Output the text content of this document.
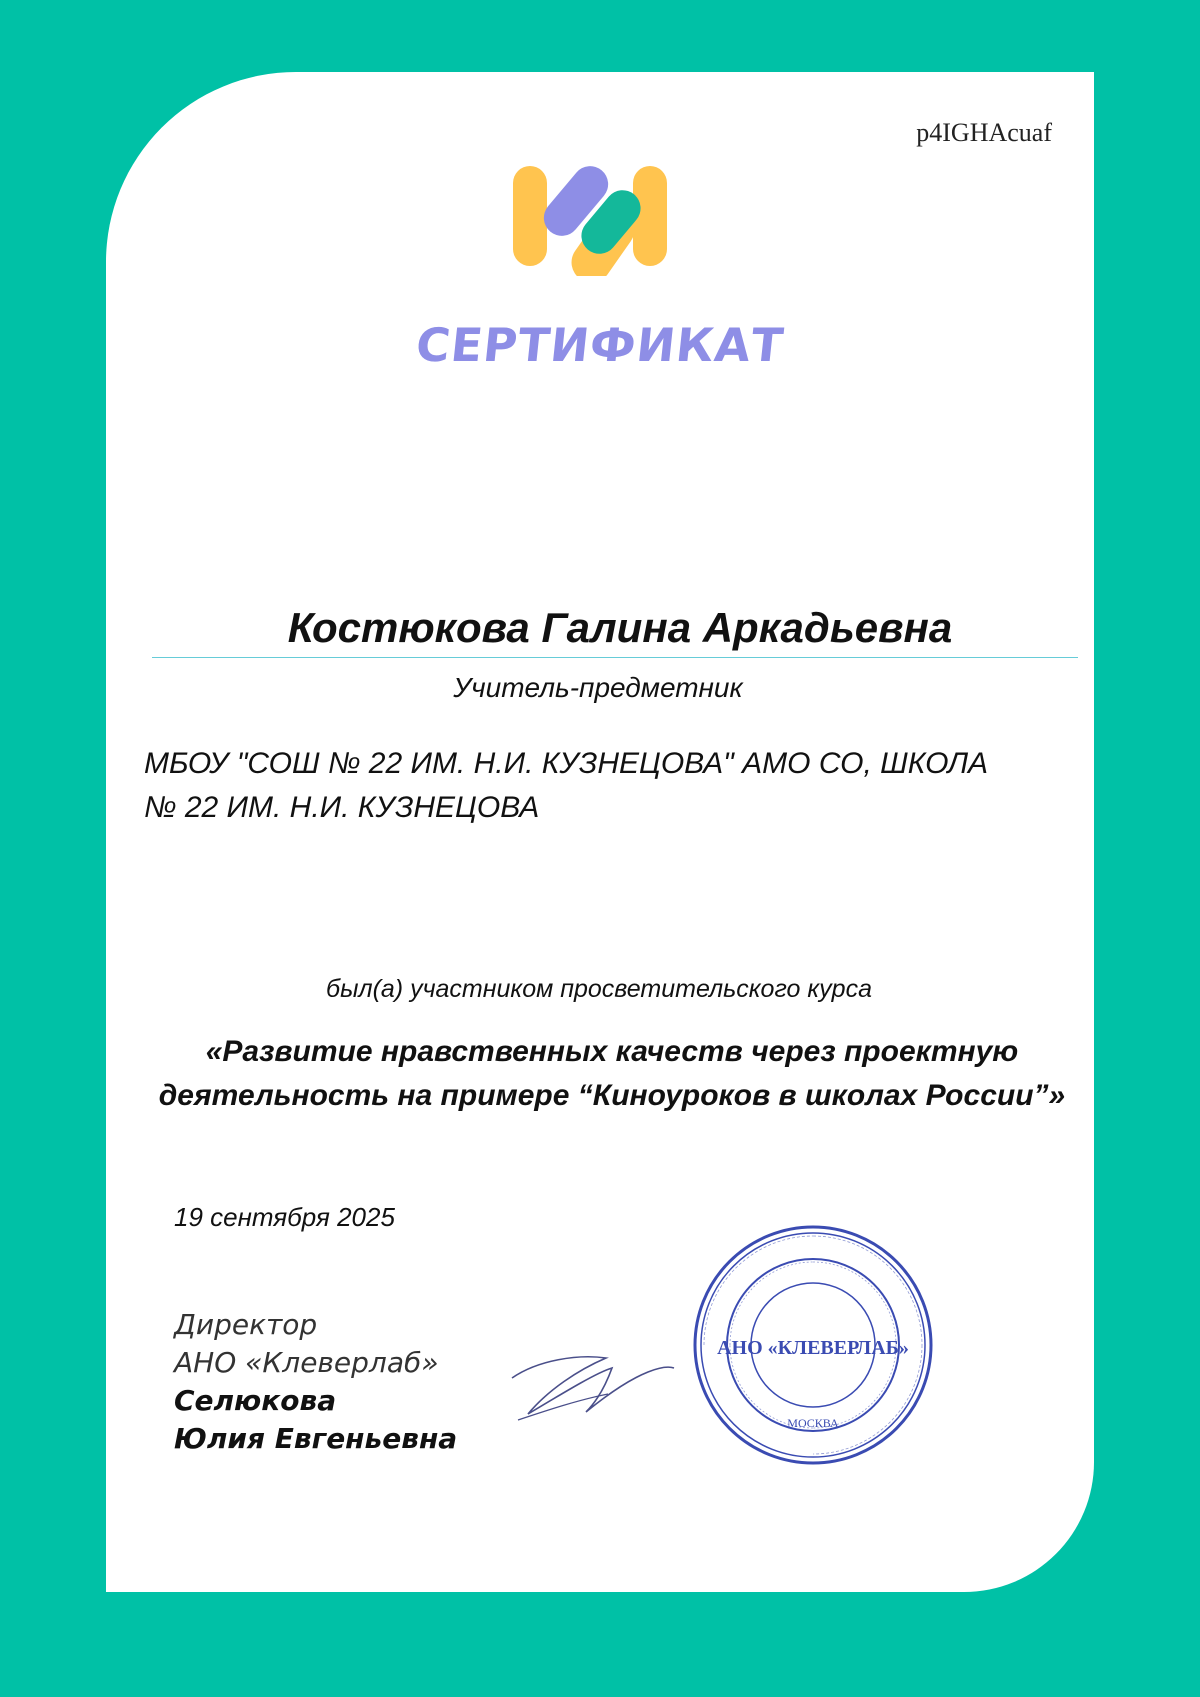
p4IGHAcuaf
СЕРТИФИКАТ
Костюкова Галина Аркадьевна
Учитель-предметник
МБОУ "СОШ № 22 ИМ. Н.И. КУЗНЕЦОВА" АМО СО, ШКОЛА
№ 22 ИМ. Н.И. КУЗНЕЦОВА
был(а) участником просветительского курса
«Развитие нравственных качеств через проектную
деятельность на примере “Киноуроков в школах России”»
19 сентября 2025
Директор
АНО «Клеверлаб»
Селюкова
Юлия Евгеньевна
АНО «КЛЕВЕРЛАБ»
МОСКВА
